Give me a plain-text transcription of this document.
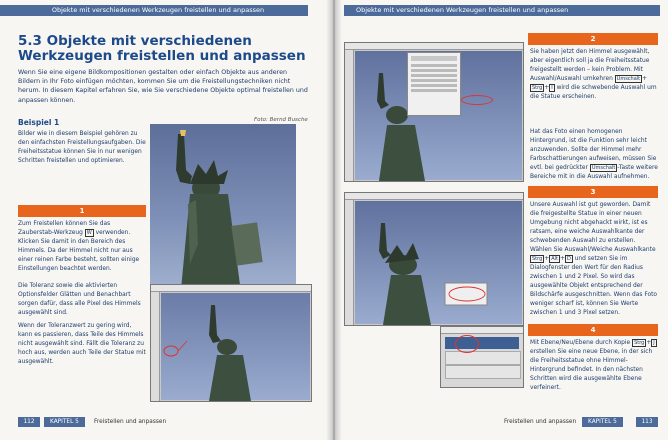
Objekte mit verschiedenen Werkzeugen freistellen und anpassen
5.3 Objekte mit verschiedenen Werkzeugen freistellen und anpassen
Wenn Sie eine eigene Bildkompositionen gestalten oder einfach Objekte aus anderen Bildern in Ihr Foto einfügen möchten, kommen Sie um die Freistellungstechniken nicht herum. In diesem Kapitel erfahren Sie, wie Sie verschiedene Objekte optimal freistellen und anpassen können.
Beispiel 1	Foto: Bernd Busche
Bilder wie in diesem Beispiel gehören zu den einfachsten Freistellungsaufgaben. Die Freiheitsstatue können Sie in nur wenigen Schritten freistellen und optimieren.
1
Zum Freistellen können Sie das Zauberstab-Werkzeug W verwenden. Klicken Sie damit in den Bereich des Himmels. Da der Himmel nicht nur aus einer reinen Farbe besteht, sollten einige Einstellungen beachtet werden.
Die Toleranz sowie die aktivierten Optionsfelder Glätten und Benachbart sorgen dafür, dass alle Pixel des Himmels ausgewählt sind.
Wenn der Toleranzwert zu gering wird, kann es passieren, dass Teile des Himmels nicht ausgewählt sind. Fällt die Toleranz zu hoch aus, werden auch Teile der Statue mit ausgewählt.
112	KAPITEL 5	Freistellen und anpassen
Objekte mit verschiedenen Werkzeugen freistellen und anpassen
2
Sie haben jetzt den Himmel ausgewählt, aber eigentlich soll ja die Freiheitsstatue freigestellt werden – kein Problem. Mit Auswahl/Auswahl umkehren Umschalt +Strg + I wird die schwebende Auswahl um die Statue erscheinen.
Hat das Foto einen homogenen Hintergrund, ist die Funktion sehr leicht anzuwenden. Sollte der Himmel mehr Farbschattierungen aufweisen, müssen Sie evtl. bei gedrückter Umschalt -Taste weitere Bereiche mit in die Auswahl aufnehmen.
3
Unsere Auswahl ist gut geworden. Damit die freigestellte Statue in einer neuen Umgebung nicht abgehackt wirkt, ist es ratsam, eine weiche Auswahlkante der schwebenden Auswahl zu erstellen. Wählen Sie Auswahl/Weiche Auswahlkante Strg + Alt + D und setzen Sie im Dialogfenster den Wert für den Radius zwischen 1 und 2 Pixel. So wird das ausgewählte Objekt entsprechend der Bildschärfe ausgeschnitten. Wenn das Foto weniger scharf ist, können Sie Werte zwischen 1 und 3 Pixel setzen.
4
Mit Ebene/Neu/Ebene durch Kopie Strg + J erstellen Sie eine neue Ebene, in der sich die Freiheitsstatue ohne Himmel-Hintergrund befindet. In den nächsten Schritten wird die ausgewählte Ebene verfeinert.
Freistellen und anpassen	KAPITEL 5	113
